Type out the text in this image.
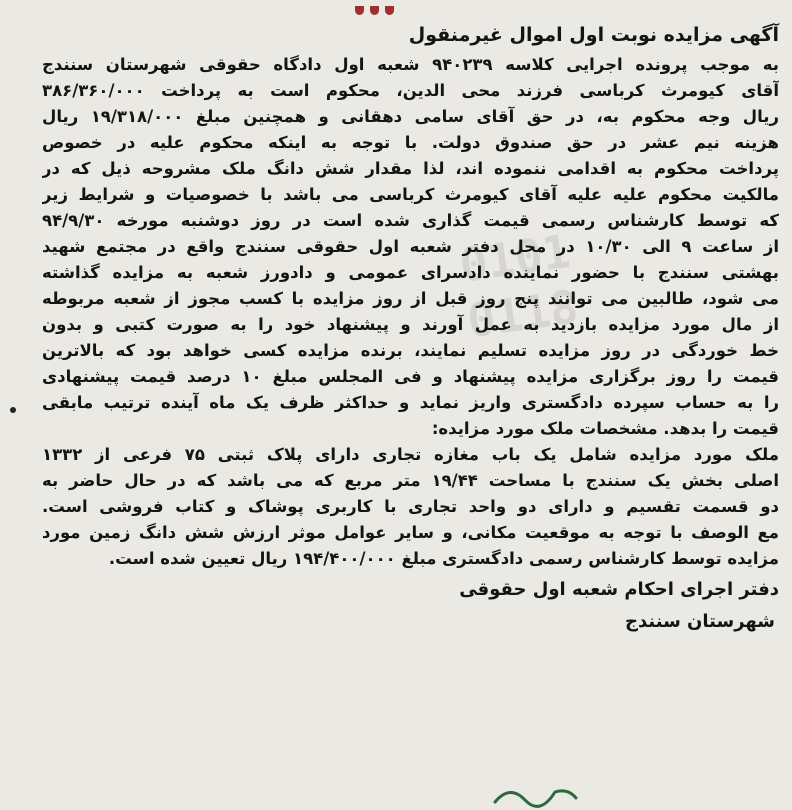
0101
0118
آگهی مزایده نوبت اول اموال غیرمنقول
به موجب پرونده اجرایی کلاسه ۹۴۰۲۳۹ شعبه اول دادگاه حقوقی شهرستان سنندج
آقای کیومرث کرباسی فرزند محی الدین، محکوم است به پرداخت ۳۸۶/۳۶۰/۰۰۰
ریال وجه محکوم به، در حق آقای سامی دهقانی و همچنین مبلغ ۱۹/۳۱۸/۰۰۰ ریال
هزینه نیم عشر در حق صندوق دولت. با توجه به اینکه محکوم علیه در خصوص
پرداخت محکوم به اقدامی ننموده اند، لذا مقدار شش دانگ ملک مشروحه ذیل که در
مالکیت محکوم علیه علیه آقای کیومرث کرباسی می باشد با خصوصیات و شرایط زیر
که توسط کارشناس رسمی قیمت گذاری شده است در روز دوشنبه مورخه ۹۴/۹/۳۰
از ساعت ۹ الی ۱۰/۳۰ در محل دفتر شعبه اول حقوقی سنندج واقع در مجتمع شهید
بهشتی سنندج با حضور نماینده دادسرای عمومی و دادورز شعبه به مزایده گذاشته
می شود، طالبین می توانند پنج روز قبل از روز مزایده با کسب مجوز از شعبه مربوطه
از مال مورد مزایده بازدید به عمل آورند و پیشنهاد خود را به صورت کتبی و بدون
خط خوردگی در روز مزایده تسلیم نمایند، برنده مزایده کسی خواهد بود که بالاترین
قیمت را روز برگزاری مزایده پیشنهاد و فی المجلس مبلغ ۱۰ درصد قیمت پیشنهادی
را به حساب سپرده دادگستری واریز نماید و حداکثر ظرف یک ماه آینده ترتیب مابقی
قیمت را بدهد. مشخصات ملک مورد مزایده:
ملک مورد مزایده شامل یک باب مغازه تجاری دارای پلاک ثبتی ۷۵ فرعی از ۱۳۳۲
اصلی بخش یک سنندج با مساحت ۱۹/۴۴ متر مربع که می باشد که در حال حاضر به
دو قسمت تقسیم و دارای دو واحد تجاری با کاربری پوشاک و کتاب فروشی است.
مع الوصف با توجه به موقعیت مکانی، و سایر عوامل موثر ارزش شش دانگ زمین مورد
مزایده توسط کارشناس رسمی دادگستری مبلغ ۱۹۴/۴۰۰/۰۰۰ ریال تعیین شده است.
دفتر اجرای احکام شعبه اول حقوقی
شهرستان سنندج
